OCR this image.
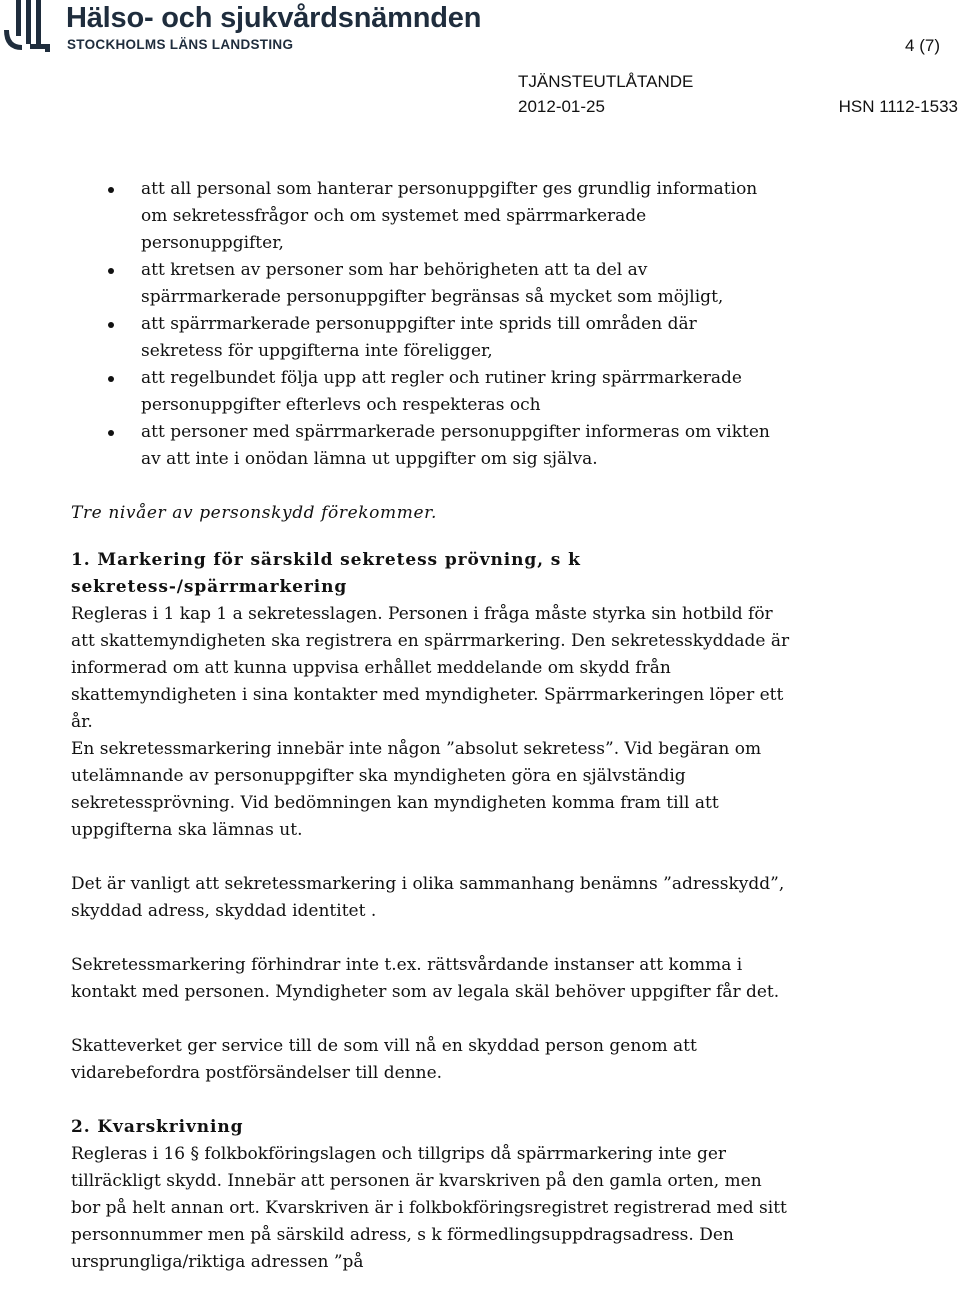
Hälso- och sjukvårdsnämnden
STOCKHOLMS LÄNS LANDSTING	4 (7)
TJÄNSTEUTLÅTANDE
2012-01-25	HSN 1112-1533
att all personal som hanterar personuppgifter ges grundlig information om sekretessfrågor och om systemet med spärrmarkerade personuppgifter,
att kretsen av personer som har behörigheten att ta del av spärrmarkerade personuppgifter begränsas så mycket som möjligt,
att spärrmarkerade personuppgifter inte sprids till områden där sekretess för uppgifterna inte föreligger,
att regelbundet följa upp att regler och rutiner kring spärrmarkerade personuppgifter efterlevs och respekteras och
att personer med spärrmarkerade personuppgifter informeras om vikten av att inte i onödan lämna ut uppgifter om sig själva.

Tre nivåer av personskydd förekommer.

1. Markering för särskild sekretess prövning, s k sekretess-/spärrmarkering

Regleras i 1 kap 1 a sekretesslagen. Personen i fråga måste styrka sin hotbild för att skattemyndigheten ska registrera en spärrmarkering. Den sekretesskyddade är informerad om att kunna uppvisa erhållet meddelande om skydd från skattemyndigheten i sina kontakter med myndigheter. Spärrmarkeringen löper ett år.

En sekretessmarkering innebär inte någon ”absolut sekretess”. Vid begäran om utelämnande av personuppgifter ska myndigheten göra en självständig sekretessprövning. Vid bedömningen kan myndigheten komma fram till att uppgifterna ska lämnas ut.

Det är vanligt att sekretessmarkering i olika sammanhang benämns ”adresskydd”, skyddad adress, skyddad identitet .

Sekretessmarkering förhindrar inte t.ex. rättsvårdande instanser att komma i kontakt med personen. Myndigheter som av legala skäl behöver uppgifter får det.

Skatteverket ger service till de som vill nå en skyddad person genom att vidarebefordra postförsändelser till denne.

2. Kvarskrivning

Regleras i 16 § folkbokföringslagen och tillgrips då spärrmarkering inte ger tillräckligt skydd. Innebär att personen är kvarskriven på den gamla orten, men bor på helt annan ort. Kvarskriven är i folkbokföringsregistret registrerad med sitt personnummer men på särskild adress, s k förmedlingsuppdragsadress. Den ursprungliga/riktiga adressen ”på
